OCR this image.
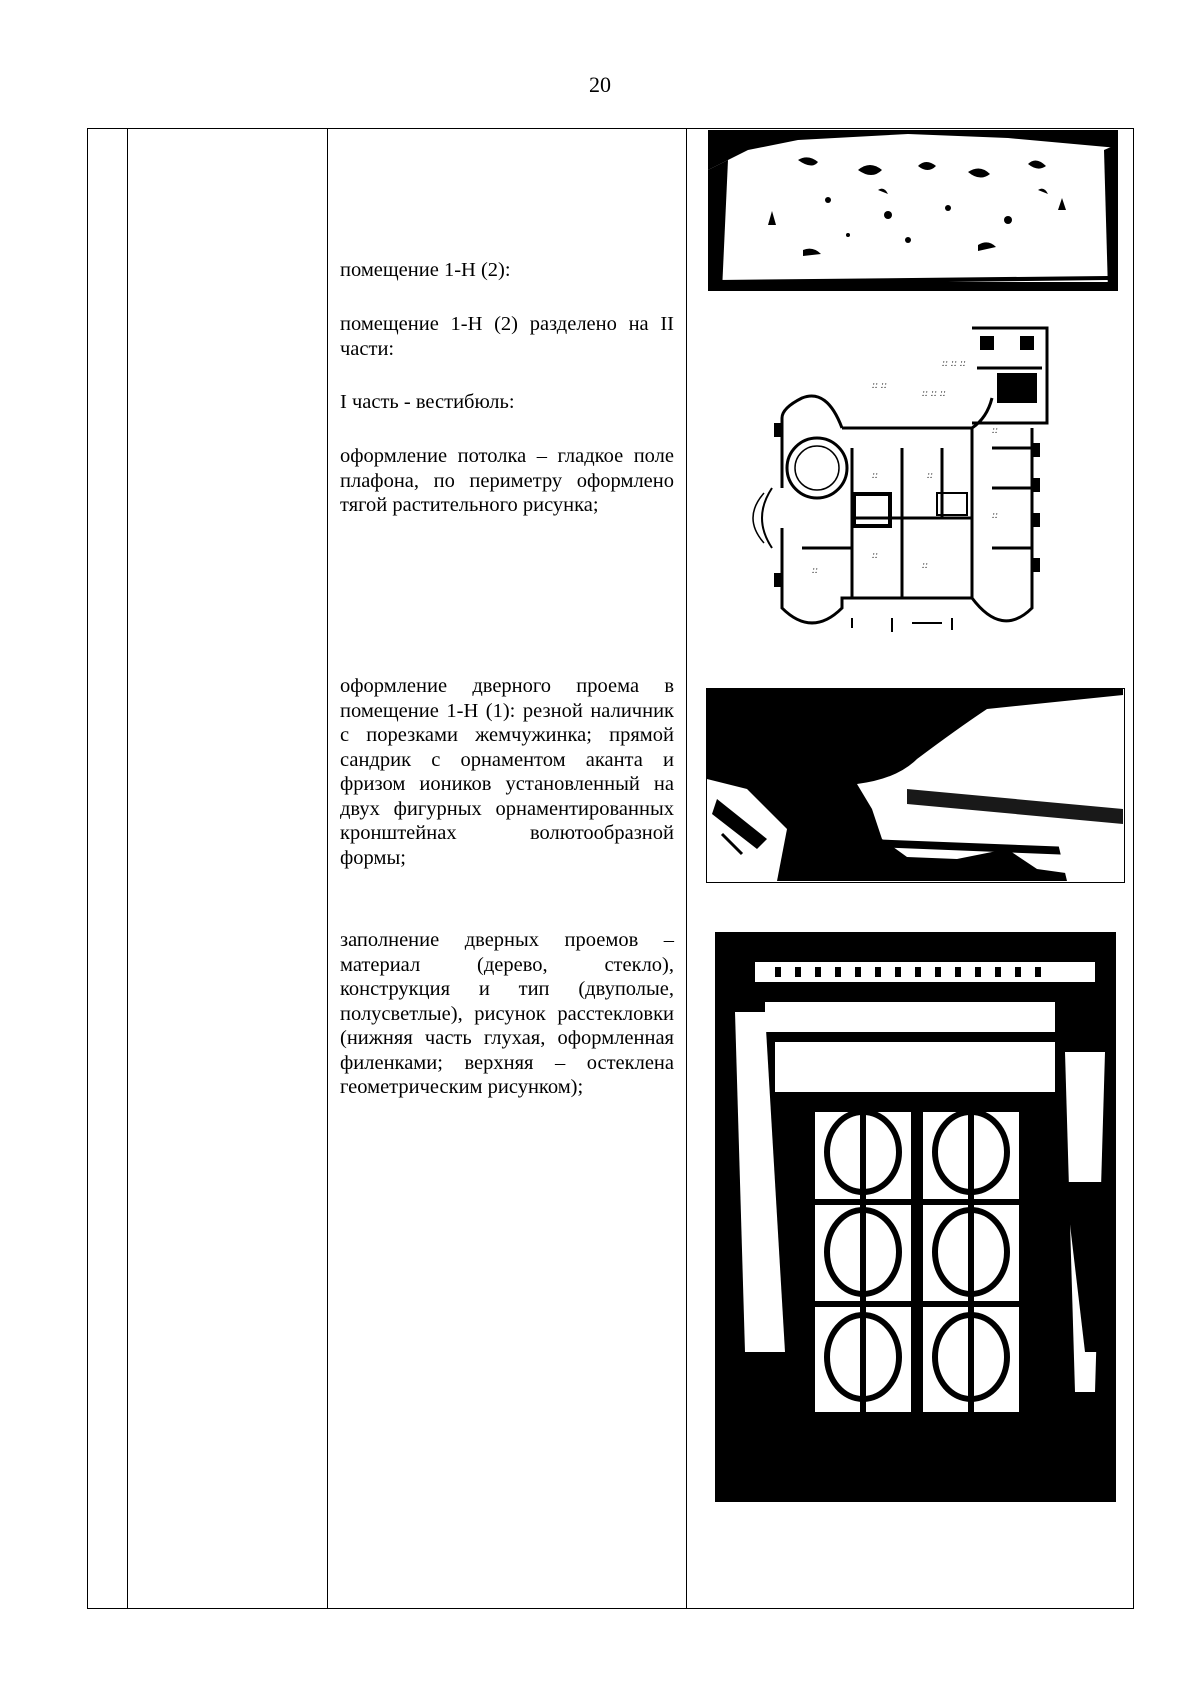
20
помещение 1-Н (2):
помещение 1-Н (2) разделено на II части:
I часть - вестибюль:
оформление потолка – гладкое поле плафона, по периметру оформлено тягой растительного рисунка;
оформление дверного проема в помещение 1-Н (1): резной наличник с порезками жемчужинка; прямой сандрик с орнаментом аканта и фризом иоников установленный на двух фигурных орнаментированных кронштейнах волютообразной формы;
заполнение дверных проемов – материал (дерево, стекло), конструкция и тип (двуполые, полусветлые), рисунок расстекловки (нижняя часть глухая, оформленная филенками; верхняя – остеклена геометрическим рисунком);
:: ::
:: :: ::
:: :: ::
::
::
::
::
::
::
::
